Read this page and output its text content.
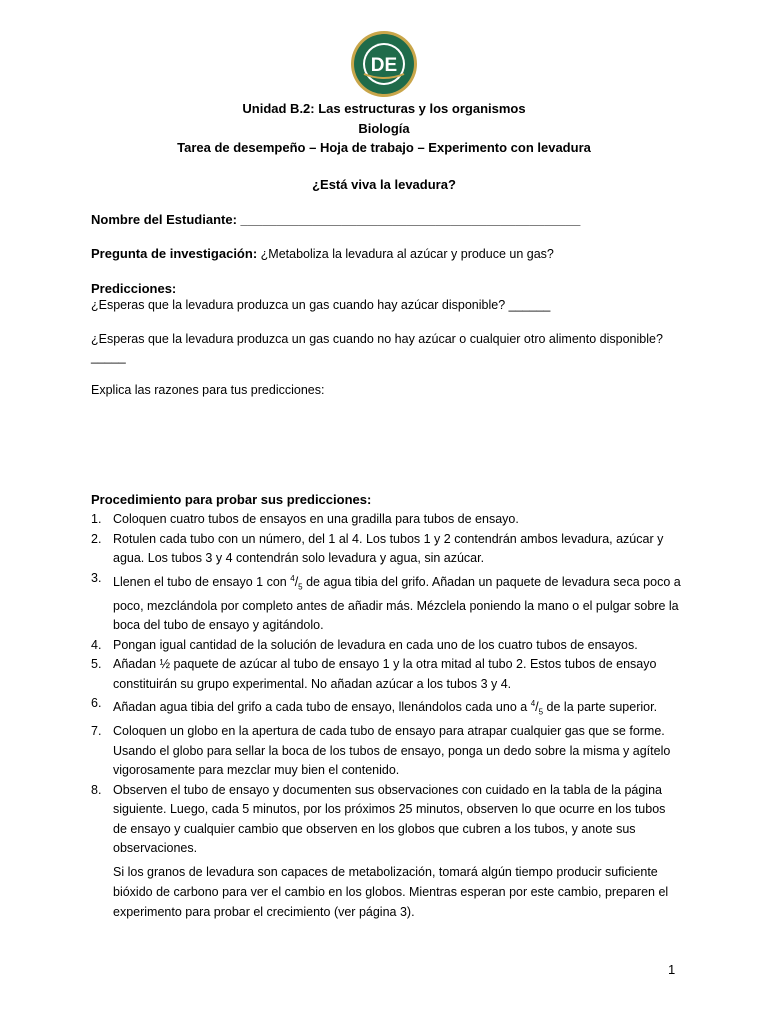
DE
Unidad B.2: Las estructuras y los organismos
Biología
Tarea de desempeño – Hoja de trabajo – Experimento con levadura
¿Está viva la levadura?
Nombre del Estudiante: _______________________________________________
Pregunta de investigación: ¿Metaboliza la levadura al azúcar y produce un gas?
Predicciones:
¿Esperas que la levadura produzca un gas cuando hay azúcar disponible? ______
¿Esperas que la levadura produzca un gas cuando no hay azúcar o cualquier otro alimento disponible?
_____
Explica las razones para tus predicciones:
Procedimiento para probar sus predicciones:
1. Coloquen cuatro tubos de ensayos en una gradilla para tubos de ensayo.
2. Rotulen cada tubo con un número, del 1 al 4. Los tubos 1 y 2 contendrán ambos levadura, azúcar y agua. Los tubos 3 y 4 contendrán solo levadura y agua, sin azúcar.
3. Llenen el tubo de ensayo 1 con $^4/_5$ de agua tibia del grifo. Añadan un paquete de levadura seca poco a poco, mezclándola por completo antes de añadir más. Mézclela poniendo la mano o el pulgar sobre la boca del tubo de ensayo y agitándolo.
4. Pongan igual cantidad de la solución de levadura en cada uno de los cuatro tubos de ensayos.
5. Añadan ½ paquete de azúcar al tubo de ensayo 1 y la otra mitad al tubo 2. Estos tubos de ensayo constituirán su grupo experimental. No añadan azúcar a los tubos 3 y 4.
6. Añadan agua tibia del grifo a cada tubo de ensayo, llenándolos cada uno a $^4/_5$ de la parte superior.
7. Coloquen un globo en la apertura de cada tubo de ensayo para atrapar cualquier gas que se forme. Usando el globo para sellar la boca de los tubos de ensayo, ponga un dedo sobre la misma y agítelo vigorosamente para mezclar muy bien el contenido.
8. Observen el tubo de ensayo y documenten sus observaciones con cuidado en la tabla de la página siguiente. Luego, cada 5 minutos, por los próximos 25 minutos, observen lo que ocurre en los tubos de ensayo y cualquier cambio que observen en los globos que cubren a los tubos, y anote sus observaciones.
Si los granos de levadura son capaces de metabolización, tomará algún tiempo producir suficiente bióxido de carbono para ver el cambio en los globos. Mientras esperan por este cambio, preparen el experimento para probar el crecimiento (ver página 3).
1
